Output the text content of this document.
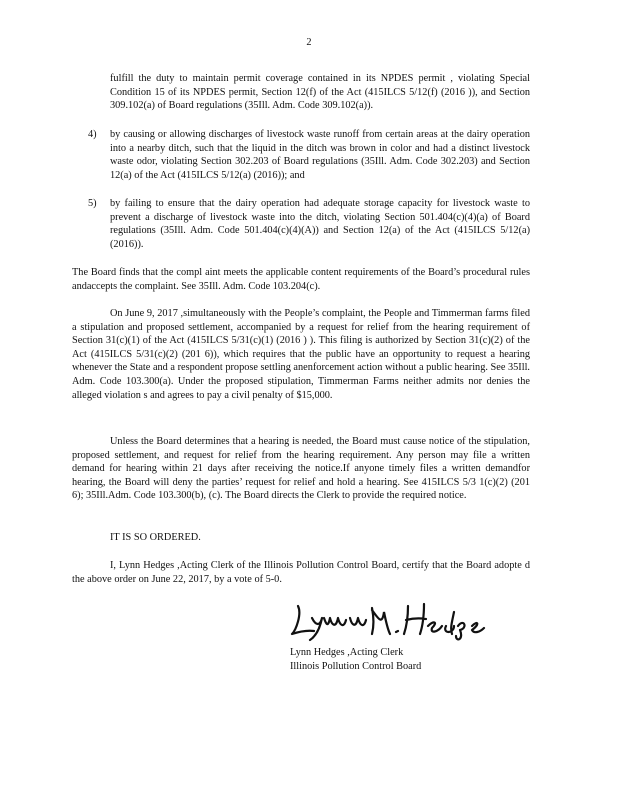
2

fulfill the duty to maintain permit coverage contained in its NPDES permit , violating Special Condition 15 of its NPDES permit, Section 12(f) of the Act (415ILCS 5/12(f) (2016 )), and Section 309.102(a) of Board regulations (35Ill. Adm. Code 309.102(a)).

4) by causing or allowing discharges of livestock waste runoff from certain areas at the dairy operation into a nearby ditch, such that the liquid in the ditch was brown in color and had a distinct livestock waste odor, violating Section 302.203 of Board regulations (35Ill. Adm. Code 302.203) and Section 12(a) of the Act (415ILCS 5/12(a) (2016)); and
5) by failing to ensure that the dairy operation had adequate storage capacity for livestock waste to prevent a discharge of livestock waste into the ditch, violating Section 501.404(c)(4)(a) of Board regulations (35Ill. Adm. Code 501.404(c)(4)(A)) and Section 12(a) of the Act (415ILCS 5/12(a) (2016)).

The Board finds that the compl aint meets the applicable content requirements of the Board’s procedural rules andaccepts the complaint. See 35Ill. Adm. Code 103.204(c).

On June 9, 2017 ,simultaneously with the People’s complaint, the People and Timmerman farms filed a stipulation and proposed settlement, accompanied by a request for relief from the hearing requirement of Section 31(c)(1) of the Act (415ILCS 5/31(c)(1) (2016 ) ). This filing is authorized by Section 31(c)(2) of the Act (415ILCS 5/31(c)(2) (201 6)), which requires that the public have an opportunity to request a hearing whenever the State and a respondent propose settling anenforcement action without a public hearing. See 35Ill. Adm. Code 103.300(a). Under the proposed stipulation, Timmerman Farms neither admits nor denies the alleged violation s and agrees to pay a civil penalty of $15,000.

Unless the Board determines that a hearing is needed, the Board must cause notice of the stipulation, proposed settlement, and request for relief from the hearing requirement. Any person may file a written demand for hearing within 21 days after receiving the notice.If anyone timely files a written demandfor hearing, the Board will deny the parties’ request for relief and hold a hearing. See 415ILCS 5/3 1(c)(2) (201 6); 35Ill.Adm. Code 103.300(b), (c). The Board directs the Clerk to provide the required notice.

IT IS SO ORDERED.

I, Lynn Hedges ,Acting Clerk of the Illinois Pollution Control Board, certify that the Board adopte d the above order on June 22, 2017, by a vote of 5-0.

Lynn Hedges ,Acting Clerk
Illinois Pollution Control Board
